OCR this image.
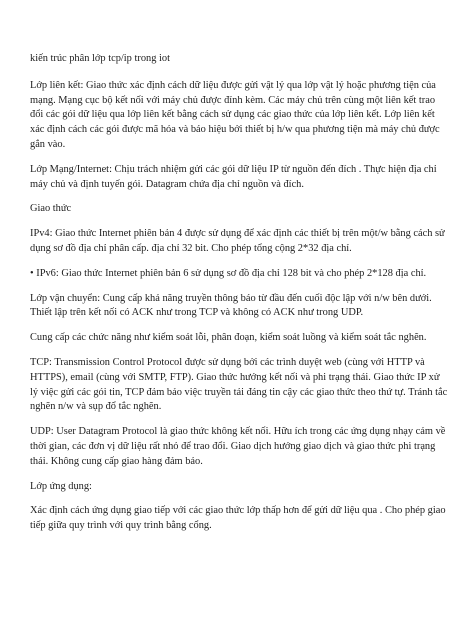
kiến trúc phân lớp tcp/ip trong iot

Lớp liên kết: Giao thức xác định cách dữ liệu được gửi vật lý qua lớp vật lý hoặc phương tiện của mạng. Mạng cục bộ kết nối với máy chủ được đính kèm. Các máy chủ trên cùng một liên kết trao đổi các gói dữ liệu qua lớp liên kết bằng cách sử dụng các giao thức của lớp liên kết. Lớp liên kết xác định cách các gói được mã hóa và báo hiệu bởi thiết bị h/w qua phương tiện mà máy chủ được gắn vào.

Lớp Mạng/Internet: Chịu trách nhiệm gửi các gói dữ liệu IP từ nguồn đến đích . Thực hiện địa chỉ máy chủ và định tuyến gói. Datagram chứa địa chỉ nguồn và đích.

Giao thức

IPv4: Giao thức Internet phiên bản 4 được sử dụng để xác định các thiết bị trên một/w bằng cách sử dụng sơ đồ địa chỉ phân cấp. địa chỉ 32 bit. Cho phép tổng cộng 2*32 địa chỉ.

• IPv6: Giao thức Internet phiên bản 6 sử dụng sơ đồ địa chỉ 128 bit và cho phép 2*128 địa chỉ.

Lớp vận chuyển: Cung cấp khả năng truyền thông báo từ đầu đến cuối độc lập với n/w bên dưới. Thiết lập trên kết nối có ACK như trong TCP và không có ACK như trong UDP.

Cung cấp các chức năng như kiểm soát lỗi, phân đoạn, kiểm soát luồng và kiểm soát tắc nghẽn.

TCP: Transmission Control Protocol được sử dụng bởi các trình duyệt web (cùng với HTTP và HTTPS), email (cùng với SMTP, FTP). Giao thức hướng kết nối và phi trạng thái. Giao thức IP xử lý việc gửi các gói tin, TCP đảm bảo việc truyền tải đáng tin cậy các giao thức theo thứ tự. Tránh tắc nghẽn n/w và sụp đổ tắc nghẽn.

UDP: User Datagram Protocol là giao thức không kết nối. Hữu ích trong các ứng dụng nhạy cảm về thời gian, các đơn vị dữ liệu rất nhỏ để trao đổi. Giao dịch hướng giao dịch và giao thức phi trạng thái. Không cung cấp giao hàng đảm bảo.

Lớp ứng dụng:

Xác định cách ứng dụng giao tiếp với các giao thức lớp thấp hơn để gửi dữ liệu qua . Cho phép giao tiếp giữa quy trình với quy trình bằng cổng.
